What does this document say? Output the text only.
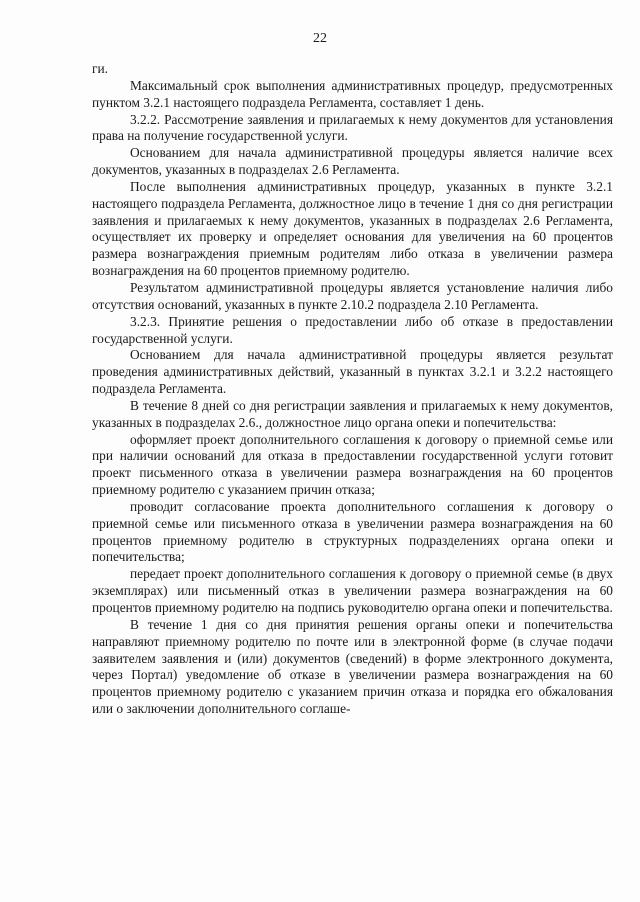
22

ги.

Максимальный срок выполнения административных процедур, предусмотренных пунктом 3.2.1 настоящего подраздела Регламента, составляет 1 день.

3.2.2. Рассмотрение заявления и прилагаемых к нему документов для установления права на получение государственной услуги.

Основанием для начала административной процедуры является наличие всех документов, указанных в подразделах 2.6 Регламента.

После выполнения административных процедур, указанных в пункте 3.2.1 настоящего подраздела Регламента, должностное лицо в течение 1 дня со дня регистрации заявления и прилагаемых к нему документов, указанных в подразделах 2.6 Регламента, осуществляет их проверку и определяет основания для увеличения на 60 процентов размера вознаграждения приемным родителям либо отказа в увеличении размера вознаграждения на 60 процентов приемному родителю.

Результатом административной процедуры является установление наличия либо отсутствия оснований, указанных в пункте 2.10.2 подраздела 2.10 Регламента.

3.2.3. Принятие решения о предоставлении либо об отказе в предоставлении государственной услуги.

Основанием для начала административной процедуры является результат проведения административных действий, указанный в пунктах 3.2.1 и 3.2.2 настоящего подраздела Регламента.

В течение 8 дней со дня регистрации заявления и прилагаемых к нему документов, указанных в подразделах 2.6., должностное лицо органа опеки и попечительства:

оформляет проект дополнительного соглашения к договору о приемной семье или при наличии оснований для отказа в предоставлении государственной услуги готовит проект письменного отказа в увеличении размера вознаграждения на 60 процентов приемному родителю с указанием причин отказа;

проводит согласование проекта дополнительного соглашения к договору о приемной семье или письменного отказа в увеличении размера вознаграждения на 60 процентов приемному родителю в структурных подразделениях органа опеки и попечительства;

передает проект дополнительного соглашения к договору о приемной семье (в двух экземплярах) или письменный отказ в увеличении размера вознаграждения на 60 процентов приемному родителю на подпись руководителю органа опеки и попечительства.

В течение 1 дня со дня принятия решения органы опеки и попечительства направляют приемному родителю по почте или в электронной форме (в случае подачи заявителем заявления и (или) документов (сведений) в форме электронного документа, через Портал) уведомление об отказе в увеличении размера вознаграждения на 60 процентов приемному родителю с указанием причин отказа и порядка его обжалования или о заключении дополнительного соглаше-
